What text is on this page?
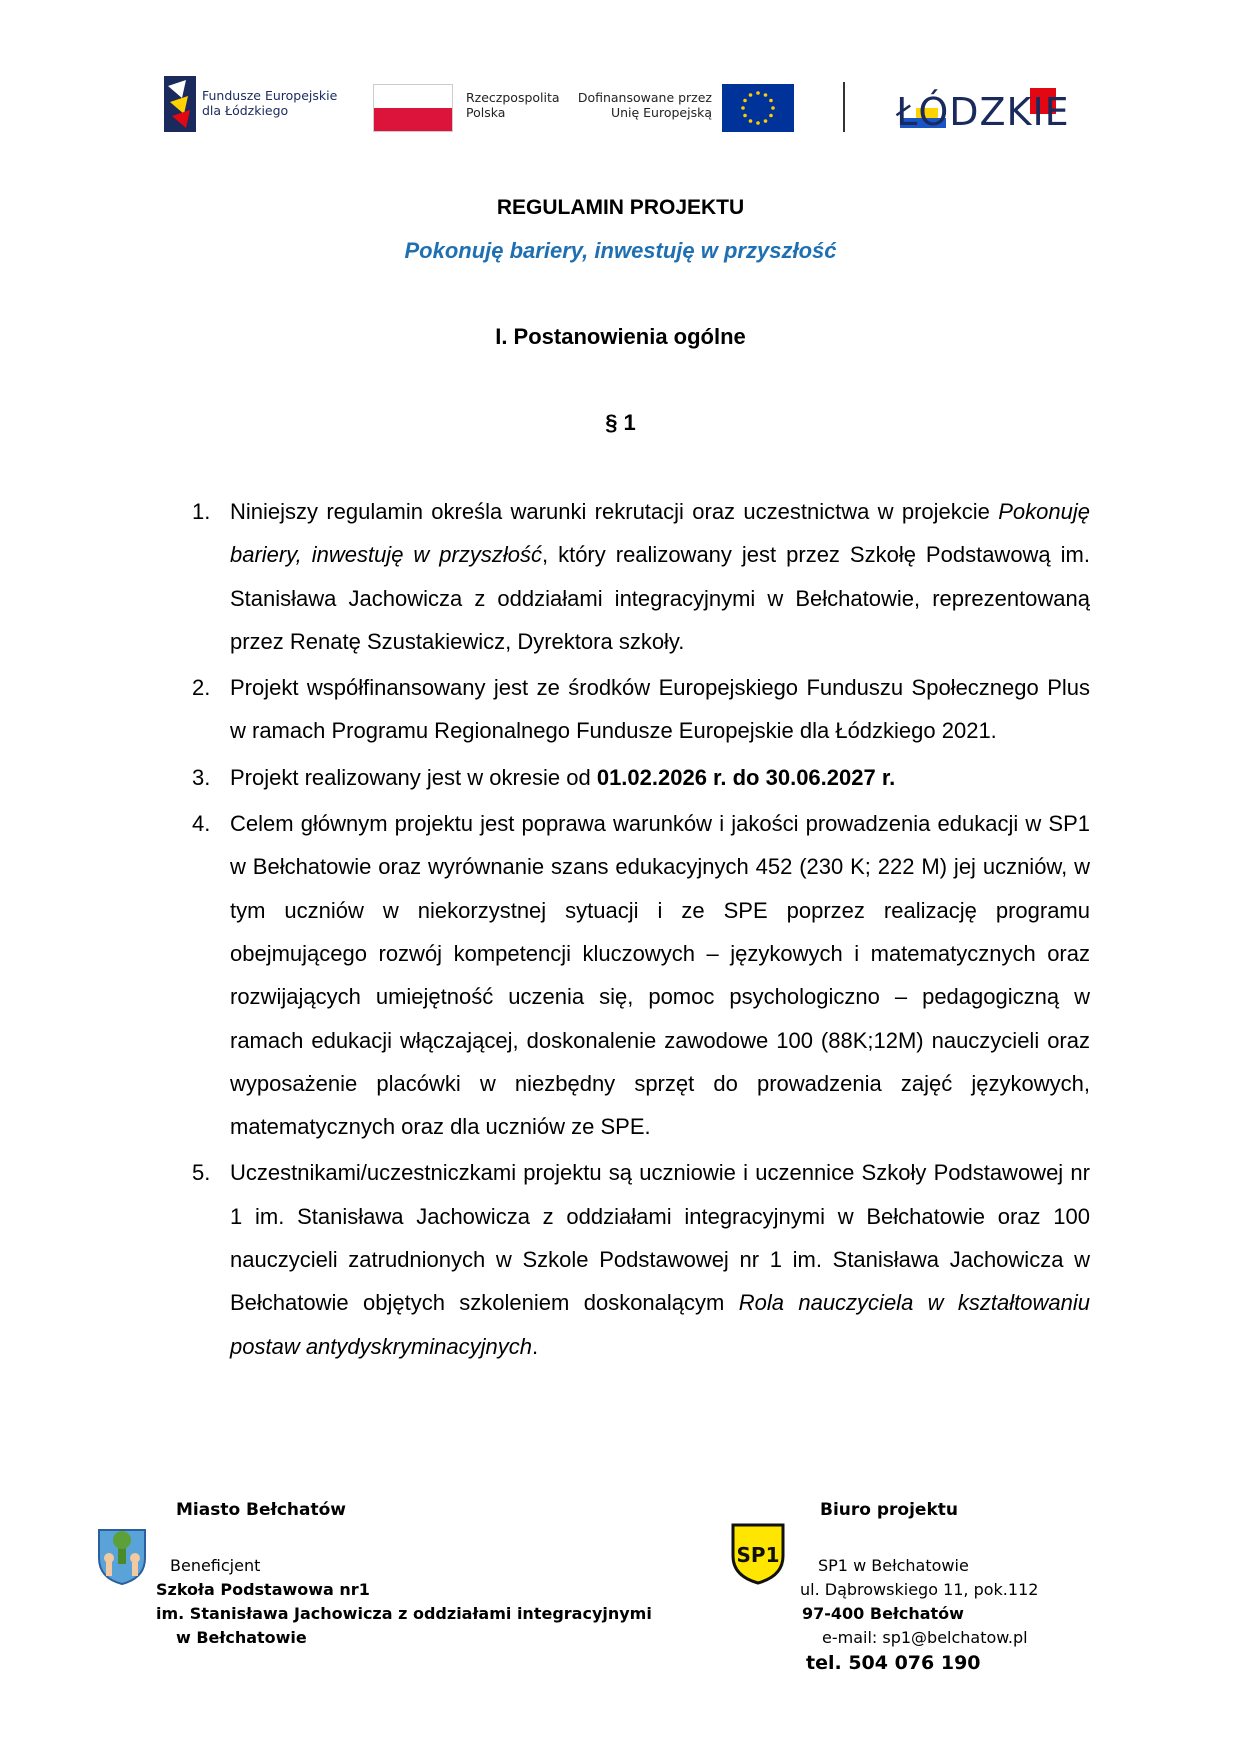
Fundusze Europejskie
dla Łódzkiego
Rzeczpospolita
Polska
Dofinansowane przez
Unię Europejską	ŁÓDZKIE
REGULAMIN PROJEKTU
Pokonuję bariery, inwestuję w przyszłość
I. Postanowienia ogólne
§ 1
1. Niniejszy regulamin określa warunki rekrutacji oraz uczestnictwa w projekcie Pokonuję bariery, inwestuję w przyszłość, który realizowany jest przez Szkołę Podstawową im. Stanisława Jachowicza z oddziałami integracyjnymi w Bełchatowie, reprezentowaną przez Renatę Szustakiewicz, Dyrektora szkoły.
2. Projekt współfinansowany jest ze środków Europejskiego Funduszu Społecznego Plus w ramach Programu Regionalnego Fundusze Europejskie dla Łódzkiego 2021.
3. Projekt realizowany jest w okresie od 01.02.2026 r. do 30.06.2027 r.
4. Celem głównym projektu jest poprawa warunków i jakości prowadzenia edukacji w SP1 w Bełchatowie oraz wyrównanie szans edukacyjnych 452 (230 K; 222 M) jej uczniów, w tym uczniów w niekorzystnej sytuacji i ze SPE poprzez realizację programu obejmującego rozwój kompetencji kluczowych – językowych i matematycznych oraz rozwijających umiejętność uczenia się, pomoc psychologiczno – pedagogiczną w ramach edukacji włączającej, doskonalenie zawodowe 100 (88K;12M) nauczycieli oraz wyposażenie placówki w niezbędny sprzęt do prowadzenia zajęć językowych, matematycznych oraz dla uczniów ze SPE.
5. Uczestnikami/uczestniczkami projektu są uczniowie i uczennice Szkoły Podstawowej nr 1 im. Stanisława Jachowicza z oddziałami integracyjnymi w Bełchatowie oraz 100 nauczycieli zatrudnionych w Szkole Podstawowej nr 1 im. Stanisława Jachowicza w Bełchatowie objętych szkoleniem doskonalącym Rola nauczyciela w kształtowaniu postaw antydyskryminacyjnych.
Miasto Bełchatów	Biuro projektu
SP1
Beneficjent
Szkoła Podstawowa nr1
im. Stanisława Jachowicza z oddziałami integracyjnymi
w Bełchatowie
SP1 w Bełchatowie
ul. Dąbrowskiego 11, pok.112
97-400 Bełchatów
e-mail: sp1@belchatow.pl
tel. 504 076 190
